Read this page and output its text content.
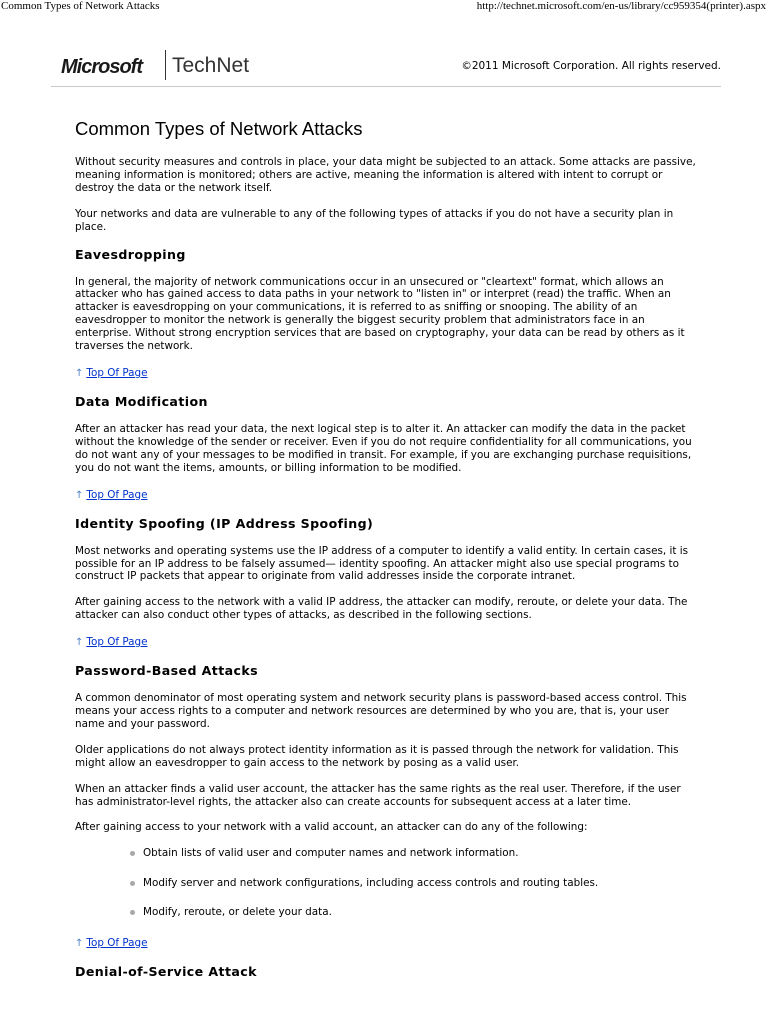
Common Types of Network Attacks	http://technet.microsoft.com/en-us/library/cc959354(printer).aspx
Microsoft TechNet	©2011 Microsoft Corporation. All rights reserved.
Common Types of Network Attacks

Without security measures and controls in place, your data might be subjected to an attack. Some attacks are passive, meaning information is monitored; others are active, meaning the information is altered with intent to corrupt or destroy the data or the network itself.

Your networks and data are vulnerable to any of the following types of attacks if you do not have a security plan in place.

Eavesdropping

In general, the majority of network communications occur in an unsecured or "cleartext" format, which allows an attacker who has gained access to data paths in your network to "listen in" or interpret (read) the traffic. When an attacker is eavesdropping on your communications, it is referred to as sniffing or snooping. The ability of an eavesdropper to monitor the network is generally the biggest security problem that administrators face in an enterprise. Without strong encryption services that are based on cryptography, your data can be read by others as it traverses the network.

↑ Top Of Page
Data Modification

After an attacker has read your data, the next logical step is to alter it. An attacker can modify the data in the packet without the knowledge of the sender or receiver. Even if you do not require confidentiality for all communications, you do not want any of your messages to be modified in transit. For example, if you are exchanging purchase requisitions, you do not want the items, amounts, or billing information to be modified.

↑ Top Of Page
Identity Spoofing (IP Address Spoofing)

Most networks and operating systems use the IP address of a computer to identify a valid entity. In certain cases, it is possible for an IP address to be falsely assumed— identity spoofing. An attacker might also use special programs to construct IP packets that appear to originate from valid addresses inside the corporate intranet.

After gaining access to the network with a valid IP address, the attacker can modify, reroute, or delete your data. The attacker can also conduct other types of attacks, as described in the following sections.

↑ Top Of Page
Password-Based Attacks

A common denominator of most operating system and network security plans is password-based access control. This means your access rights to a computer and network resources are determined by who you are, that is, your user name and your password.

Older applications do not always protect identity information as it is passed through the network for validation. This might allow an eavesdropper to gain access to the network by posing as a valid user.

When an attacker finds a valid user account, the attacker has the same rights as the real user. Therefore, if the user has administrator-level rights, the attacker also can create accounts for subsequent access at a later time.

After gaining access to your network with a valid account, an attacker can do any of the following:

Obtain lists of valid user and computer names and network information.
Modify server and network configurations, including access controls and routing tables.
Modify, reroute, or delete your data.
↑ Top Of Page
Denial-of-Service Attack
